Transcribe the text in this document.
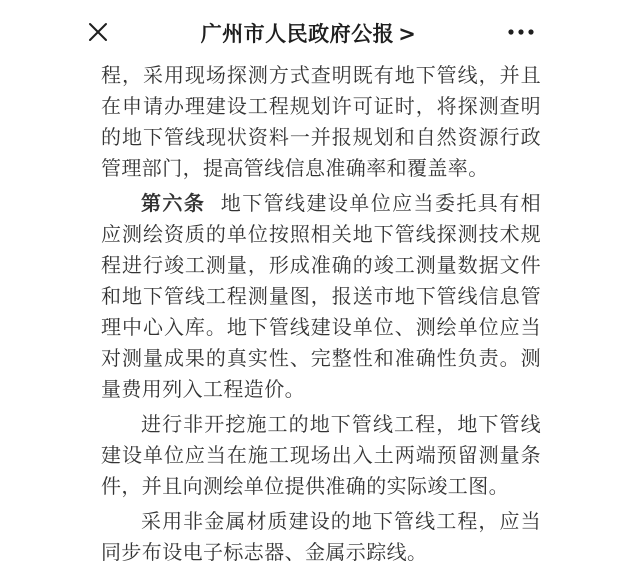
广州市人民政府公报 >

程，采用现场探测方式查明既有地下管线，并且在申请办理建设工程规划许可证时，将探测查明的地下管线现状资料一并报规划和自然资源行政管理部门，提高管线信息准确率和覆盖率。

第六条 地下管线建设单位应当委托具有相应测绘资质的单位按照相关地下管线探测技术规程进行竣工测量，形成准确的竣工测量数据文件和地下管线工程测量图，报送市地下管线信息管理中心入库。地下管线建设单位、测绘单位应当对测量成果的真实性、完整性和准确性负责。测量费用列入工程造价。

进行非开挖施工的地下管线工程，地下管线建设单位应当在施工现场出入土两端预留测量条件，并且向测绘单位提供准确的实际竣工图。

采用非金属材质建设的地下管线工程，应当同步布设电子标志器、金属示踪线。
